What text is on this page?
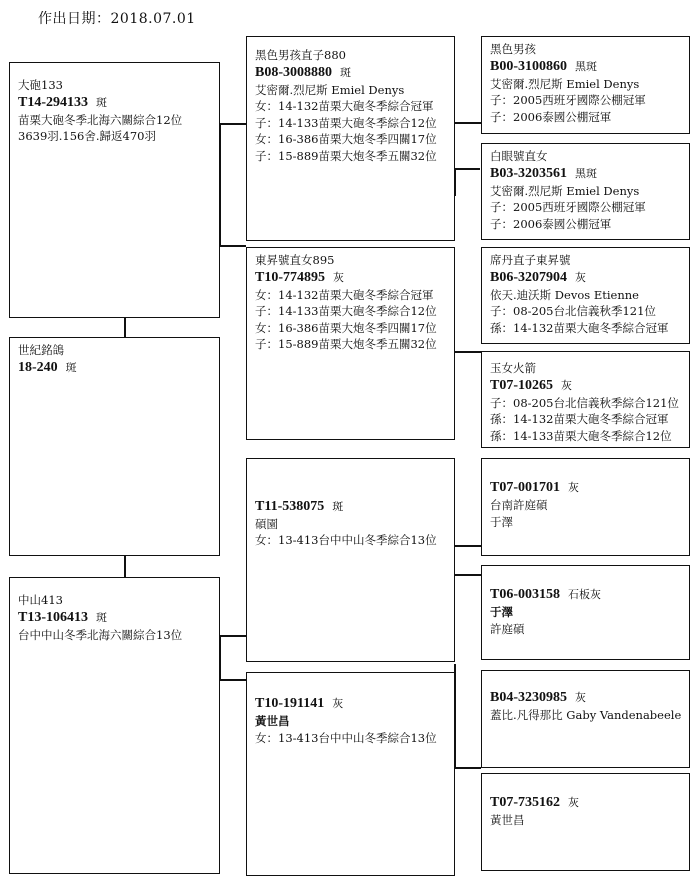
作出日期：2018.07.01
大砲133
T14-294133 斑
苗栗大砲冬季北海六關綜合12位
3639羽.156舍.歸返470羽
世紀銘鴿
18-240 斑
中山413
T13-106413 斑
台中中山冬季北海六關綜合13位
黑色男孩直子880
B08-3008880 斑
艾密爾.烈尼斯 Emiel Denys
女：14-132苗栗大砲冬季綜合冠軍
子：14-133苗栗大砲冬季綜合12位
女：16-386苗栗大炮冬季四關17位
子：15-889苗栗大炮冬季五關32位
東昇號直女895
T10-774895 灰
女：14-132苗栗大砲冬季綜合冠軍
子：14-133苗栗大砲冬季綜合12位
女：16-386苗栗大炮冬季四關17位
子：15-889苗栗大炮冬季五關32位

T11-538075 斑
碩園
女：13-413台中中山冬季綜合13位
T10-191141 灰
黃世昌
女：13-413台中中山冬季綜合13位
黑色男孩
B00-3100860 黑斑
艾密爾.烈尼斯 Emiel Denys
子：2005西班牙國際公棚冠軍
子：2006泰國公棚冠軍
白眼號直女
B03-3203561 黑斑
艾密爾.烈尼斯 Emiel Denys
子：2005西班牙國際公棚冠軍
子：2006泰國公棚冠軍
席丹直子東昇號
B06-3207904 灰
依天.迪沃斯 Devos Etienne
子：08-205台北信義秋季121位
孫：14-132苗栗大砲冬季綜合冠軍
玉女火箭
T07-10265 灰
子：08-205台北信義秋季綜合121位
孫：14-132苗栗大砲冬季綜合冠軍
孫：14-133苗栗大砲冬季綜合12位
T07-001701 灰
台南許庭碩
于澤
T06-003158 石板灰
于澤
許庭碩
B04-3230985 灰
蓋比.凡得那比 Gaby Vandenabeele
T07-735162 灰
黃世昌
